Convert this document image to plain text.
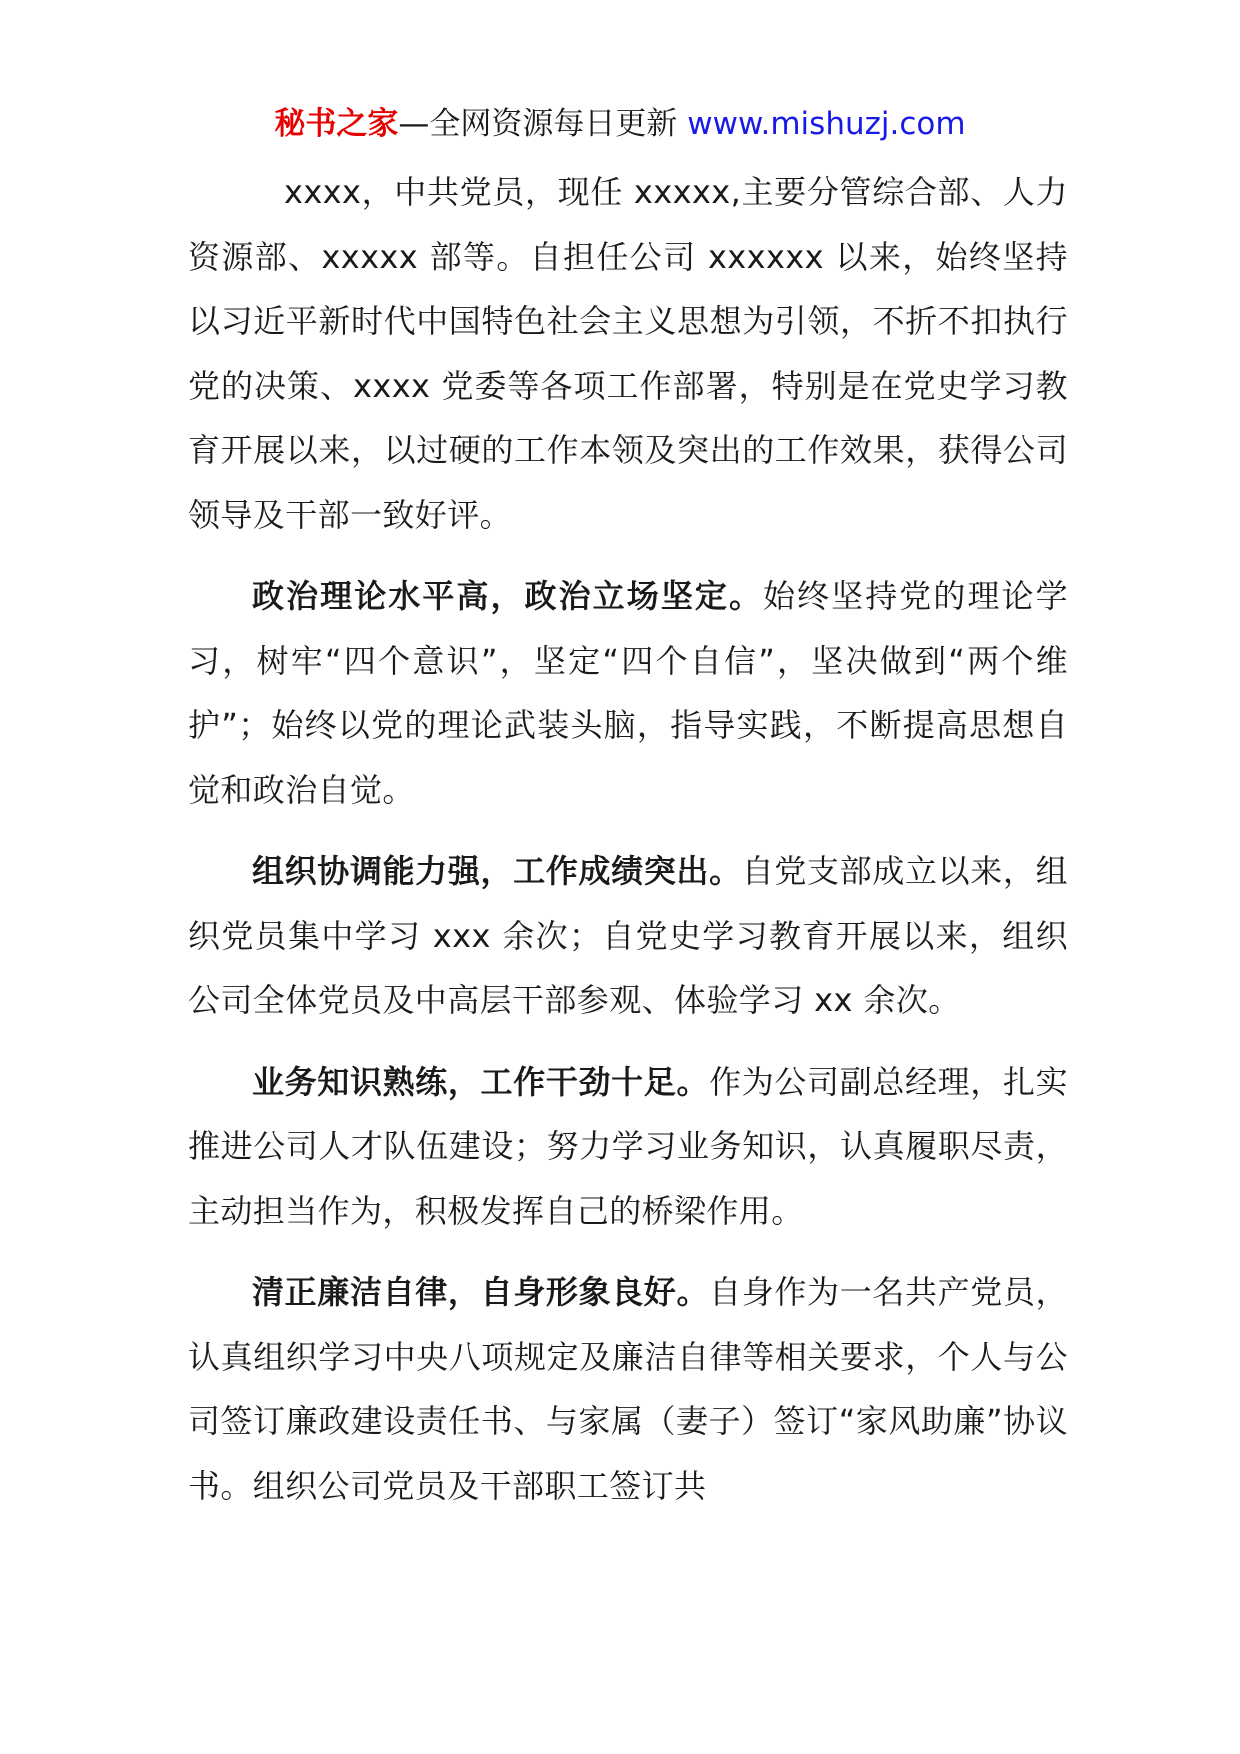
秘书之家—全网资源每日更新 www.mishuzj.com

xxxx，中共党员，现任 xxxxx,主要分管综合部、人力资源部、xxxxx 部等。自担任公司 xxxxxx 以来，始终坚持以习近平新时代中国特色社会主义思想为引领，不折不扣执行党的决策、xxxx 党委等各项工作部署，特别是在党史学习教育开展以来，以过硬的工作本领及突出的工作效果，获得公司领导及干部一致好评。

政治理论水平高，政治立场坚定。始终坚持党的理论学习，树牢“四个意识”，坚定“四个自信”，坚决做到“两个维护”；始终以党的理论武装头脑，指导实践，不断提高思想自觉和政治自觉。

组织协调能力强，工作成绩突出。自党支部成立以来，组织党员集中学习 xxx 余次；自党史学习教育开展以来，组织公司全体党员及中高层干部参观、体验学习 xx 余次。

业务知识熟练，工作干劲十足。作为公司副总经理，扎实推进公司人才队伍建设；努力学习业务知识，认真履职尽责，主动担当作为，积极发挥自己的桥梁作用。

清正廉洁自律，自身形象良好。自身作为一名共产党员，认真组织学习中央八项规定及廉洁自律等相关要求，个人与公司签订廉政建设责任书、与家属（妻子）签订“家风助廉”协议书。组织公司党员及干部职工签订共
